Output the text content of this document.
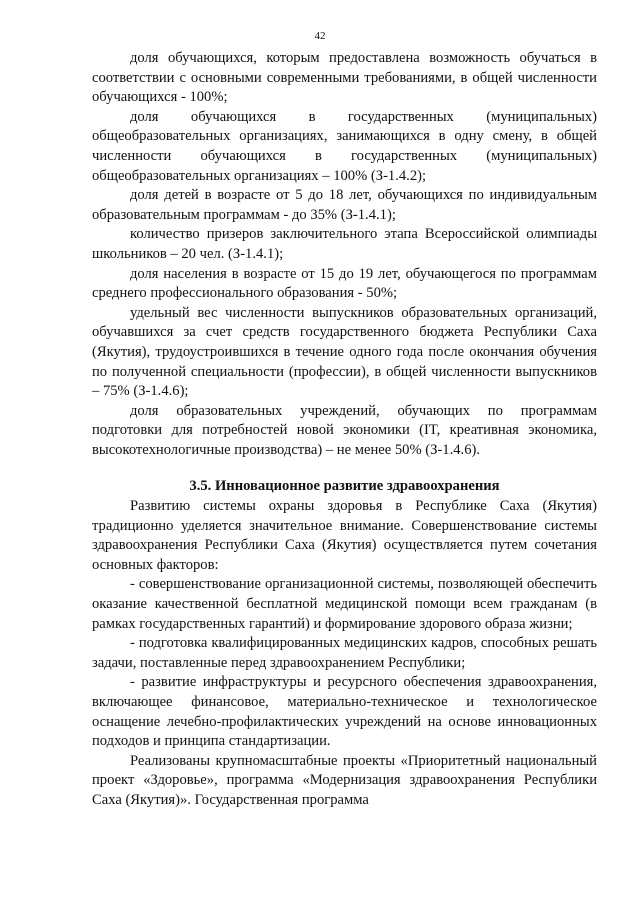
42

доля обучающихся, которым предоставлена возможность обучаться в соответствии с основными современными требованиями, в общей численности обучающихся - 100%;

доля обучающихся в государственных (муниципальных) общеобразовательных организациях, занимающихся в одну смену, в общей численности обучающихся в государственных (муниципальных) общеобразовательных организациях – 100% (З-1.4.2);

доля детей в возрасте от 5 до 18 лет, обучающихся по индивидуальным образовательным программам - до 35% (З-1.4.1);

количество призеров заключительного этапа Всероссийской олимпиады школьников – 20 чел. (З-1.4.1);

доля населения в возрасте от 15 до 19 лет, обучающегося по программам среднего профессионального образования - 50%;

удельный вес численности выпускников образовательных организаций, обучавшихся за счет средств государственного бюджета Республики Саха (Якутия), трудоустроившихся в течение одного года после окончания обучения по полученной специальности (профессии), в общей численности выпускников – 75% (З-1.4.6);

доля образовательных учреждений, обучающих по программам подготовки для потребностей новой экономики (IT, креативная экономика, высокотехнологичные производства) – не менее 50% (З-1.4.6).

3.5. Инновационное развитие здравоохранения

Развитию системы охраны здоровья в Республике Саха (Якутия) традиционно уделяется значительное внимание. Совершенствование системы здравоохранения Республики Саха (Якутия) осуществляется путем сочетания основных факторов:

- совершенствование организационной системы, позволяющей обеспечить оказание качественной бесплатной медицинской помощи всем гражданам (в рамках государственных гарантий) и формирование здорового образа жизни;

- подготовка квалифицированных медицинских кадров, способных решать задачи, поставленные перед здравоохранением Республики;

- развитие инфраструктуры и ресурсного обеспечения здравоохранения, включающее финансовое, материально-техническое и технологическое оснащение лечебно-профилактических учреждений на основе инновационных подходов и принципа стандартизации.

Реализованы крупномасштабные проекты «Приоритетный национальный проект «Здоровье», программа «Модернизация здравоохранения Республики Саха (Якутия)». Государственная программа
